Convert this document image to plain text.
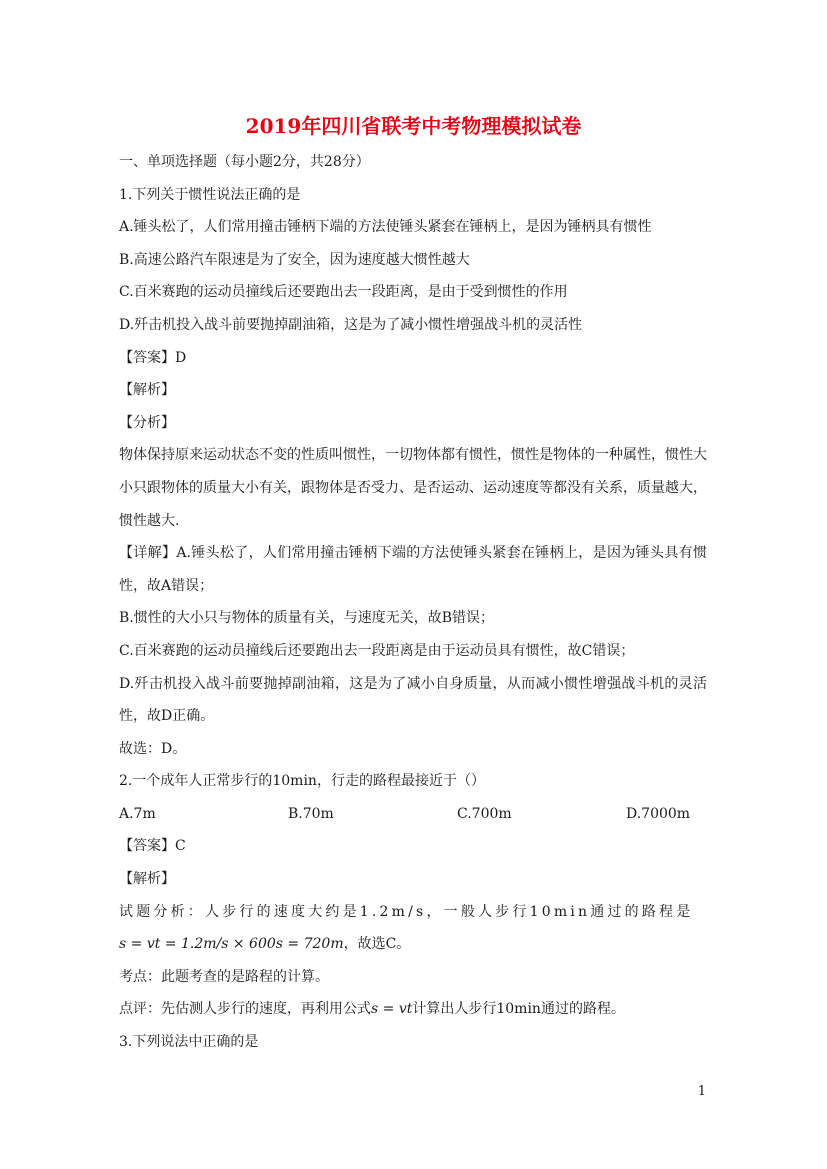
2019年四川省联考中考物理模拟试卷

一、单项选择题（每小题2分，共28分）

1.下列关于惯性说法正确的是

A.锤头松了，人们常用撞击锤柄下端的方法使锤头紧套在锤柄上，是因为锤柄具有惯性

B.高速公路汽车限速是为了安全，因为速度越大惯性越大

C.百米赛跑的运动员撞线后还要跑出去一段距离，是由于受到惯性的作用

D.歼击机投入战斗前要抛掉副油箱，这是为了减小惯性增强战斗机的灵活性

【答案】D

【解析】

【分析】

物体保持原来运动状态不变的性质叫惯性，一切物体都有惯性，惯性是物体的一种属性，惯性大小只跟物体的质量大小有关，跟物体是否受力、是否运动、运动速度等都没有关系，质量越大，惯性越大.

【详解】A.锤头松了，人们常用撞击锤柄下端的方法使锤头紧套在锤柄上，是因为锤头具有惯性，故A错误；

B.惯性的大小只与物体的质量有关，与速度无关，故B错误；

C.百米赛跑的运动员撞线后还要跑出去一段距离是由于运动员具有惯性，故C错误；

D.歼击机投入战斗前要抛掉副油箱，这是为了减小自身质量，从而减小惯性增强战斗机的灵活性，故D正确。

故选：D。

2.一个成年人正常步行的10min，行走的路程最接近于（）

A.7m	B.70m	C.700m	D.7000m

【答案】C

【解析】

试题分析：人步行的速度大约是1.2m/s，一般人步行10min通过的路程是

s = vt = 1.2m/s × 600s = 720m，故选C。

考点：此题考查的是路程的计算。

点评：先估测人步行的速度，再利用公式s = vt计算出人步行10min通过的路程。

3.下列说法中正确的是

1
